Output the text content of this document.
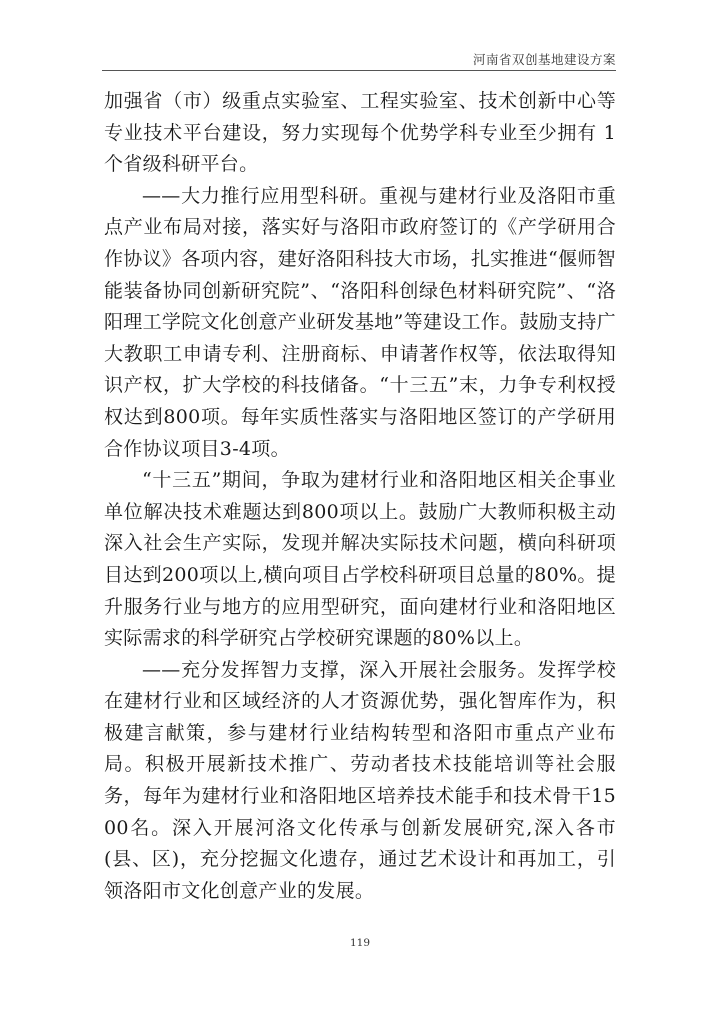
河南省双创基地建设方案

加强省（市）级重点实验室、工程实验室、技术创新中心等专业技术平台建设，努力实现每个优势学科专业至少拥有 1 个省级科研平台。

——大力推行应用型科研。重视与建材行业及洛阳市重点产业布局对接，落实好与洛阳市政府签订的《产学研用合作协议》各项内容，建好洛阳科技大市场，扎实推进“偃师智能装备协同创新研究院”、“洛阳科创绿色材料研究院”、“洛阳理工学院文化创意产业研发基地”等建设工作。鼓励支持广大教职工申请专利、注册商标、申请著作权等，依法取得知识产权，扩大学校的科技储备。“十三五”末，力争专利权授权达到800项。每年实质性落实与洛阳地区签订的产学研用合作协议项目3-4项。

“十三五”期间，争取为建材行业和洛阳地区相关企事业单位解决技术难题达到800项以上。鼓励广大教师积极主动深入社会生产实际，发现并解决实际技术问题，横向科研项目达到200项以上,横向项目占学校科研项目总量的80%。提升服务行业与地方的应用型研究，面向建材行业和洛阳地区实际需求的科学研究占学校研究课题的80%以上。

——充分发挥智力支撑，深入开展社会服务。发挥学校在建材行业和区域经济的人才资源优势，强化智库作为，积极建言献策，参与建材行业结构转型和洛阳市重点产业布局。积极开展新技术推广、劳动者技术技能培训等社会服务，每年为建材行业和洛阳地区培养技术能手和技术骨干1500名。深入开展河洛文化传承与创新发展研究,深入各市(县、区)，充分挖掘文化遗存，通过艺术设计和再加工，引领洛阳市文化创意产业的发展。

119
